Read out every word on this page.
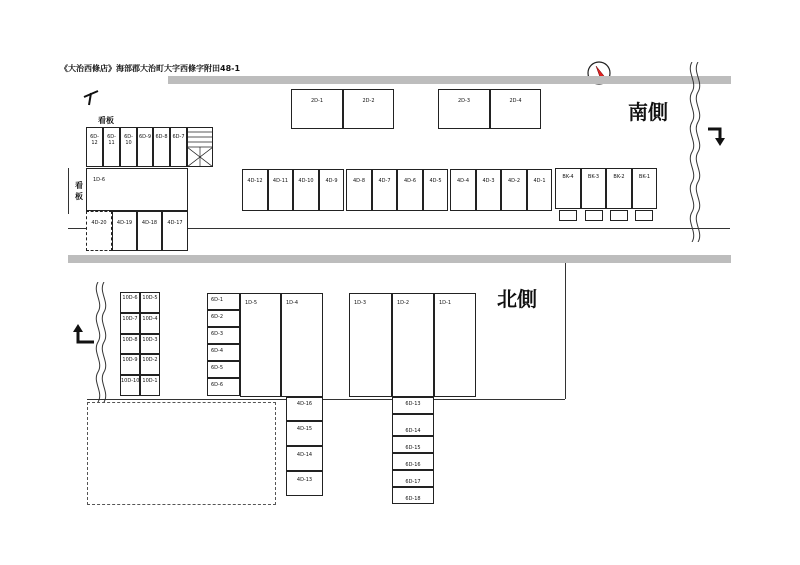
《大治西條店》海部郡大治町大字西條字附田48-1
南側
看板
看
板
2D-1	2D-2	2D-3	2D-4
6D-12
6D-11
6D-10
6D-9 6D-8 6D-7
1D-6
4D-20	4D-19	4D-18	4D-17
4D-12	4D-11	4D-10	4D-9	4D-8	4D-7	4D-6	4D-5	4D-4	4D-3	4D-2	4D-1
BK-4	BK-3	BK-2	BK-1
北側
10D-6 10D-5
10D-7 10D-4
10D-8 10D-3
10D-9 10D-2
10D-10 10D-1
6D-1
6D-2
6D-3
6D-4
6D-5
6D-6
1D-5	1D-4	1D-3	1D-2	1D-1
4D-16
4D-15
4D-14
4D-13
6D-13
6D-14
6D-15
6D-16
6D-17
6D-18
